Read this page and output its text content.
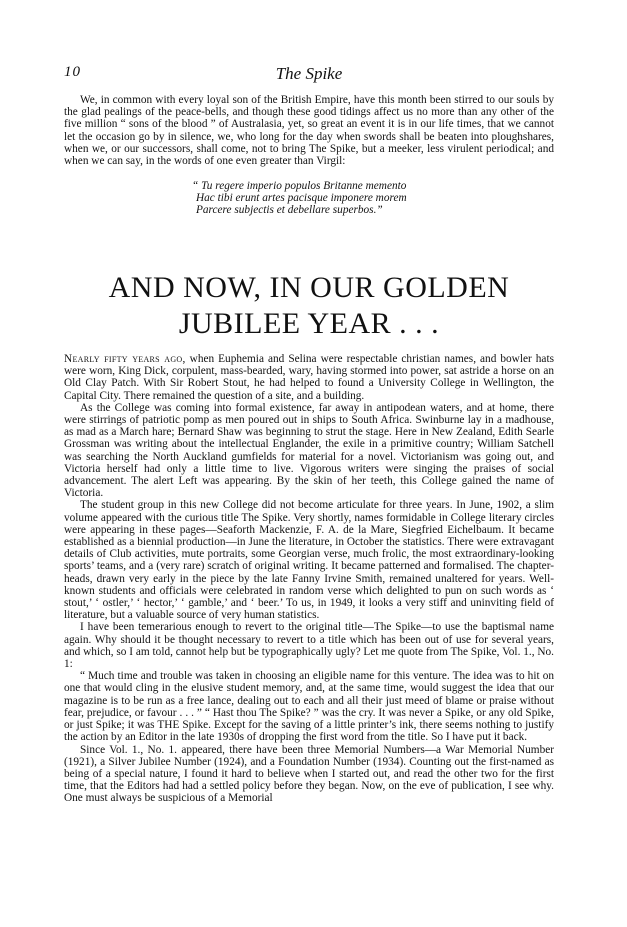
10	The Spike

We, in common with every loyal son of the British Empire, have this month been stirred to our souls by the glad pealings of the peace-bells, and though these good tidings affect us no more than any other of the five million “ sons of the blood ” of Australasia, yet, so great an event it is in our life times, that we cannot let the occasion go by in silence, we, who long for the day when swords shall be beaten into ploughshares, when we, or our successors, shall come, not to bring The Spike, but a meeker, less virulent periodical; and when we can say, in the words of one even greater than Virgil:

“ Tu regere imperio populos Britanne memento
Hac tibi erunt artes pacisque imponere morem
Parcere subjectis et debellare superbos.”
AND NOW, IN OUR GOLDEN
JUBILEE YEAR . . .

Nearly fifty years ago, when Euphemia and Selina were respectable christian names, and bowler hats were worn, King Dick, corpulent, mass-bearded, wary, having stormed into power, sat astride a horse on an Old Clay Patch. With Sir Robert Stout, he had helped to found a University College in Wellington, the Capital City. There remained the question of a site, and a building.

As the College was coming into formal existence, far away in antipodean waters, and at home, there were stirrings of patriotic pomp as men poured out in ships to South Africa. Swinburne lay in a madhouse, as mad as a March hare; Bernard Shaw was beginning to strut the stage. Here in New Zealand, Edith Searle Grossman was writing about the intellectual Englander, the exile in a primitive country; William Satchell was searching the North Auckland gumfields for material for a novel. Victorianism was going out, and Victoria herself had only a little time to live. Vigorous writers were singing the praises of social advancement. The alert Left was appearing. By the skin of her teeth, this College gained the name of Victoria.

The student group in this new College did not become articulate for three years. In June, 1902, a slim volume appeared with the curious title The Spike. Very shortly, names formidable in College literary circles were appearing in these pages—Seaforth Mackenzie, F. A. de la Mare, Siegfried Eichelbaum. It became established as a biennial production—in June the literature, in October the statistics. There were extravagant details of Club activities, mute portraits, some Georgian verse, much frolic, the most extraordinary-looking sports’ teams, and a (very rare) scratch of original writing. It became patterned and formalised. The chapter-heads, drawn very early in the piece by the late Fanny Irvine Smith, remained unaltered for years. Well-known students and officials were celebrated in random verse which delighted to pun on such words as ‘ stout,’ ‘ ostler,’ ‘ hector,’ ‘ gamble,’ and ‘ beer.’ To us, in 1949, it looks a very stiff and uninviting field of literature, but a valuable source of very human statistics.

I have been temerarious enough to revert to the original title—The Spike—to use the baptismal name again. Why should it be thought necessary to revert to a title which has been out of use for several years, and which, so I am told, cannot help but be typographically ugly? Let me quote from The Spike, Vol. 1., No. 1:

“ Much time and trouble was taken in choosing an eligible name for this venture. The idea was to hit on one that would cling in the elusive student memory, and, at the same time, would suggest the idea that our magazine is to be run as a free lance, dealing out to each and all their just meed of blame or praise without fear, prejudice, or favour . . . ” “ Hast thou The Spike? ” was the cry. It was never a Spike, or any old Spike, or just Spike; it was THE Spike. Except for the saving of a little printer’s ink, there seems nothing to justify the action by an Editor in the late 1930s of dropping the first word from the title. So I have put it back.

Since Vol. 1., No. 1. appeared, there have been three Memorial Numbers—a War Memorial Number (1921), a Silver Jubilee Number (1924), and a Foundation Number (1934). Counting out the first-named as being of a special nature, I found it hard to believe when I started out, and read the other two for the first time, that the Editors had had a settled policy before they began. Now, on the eve of publication, I see why. One must always be suspicious of a Memorial
